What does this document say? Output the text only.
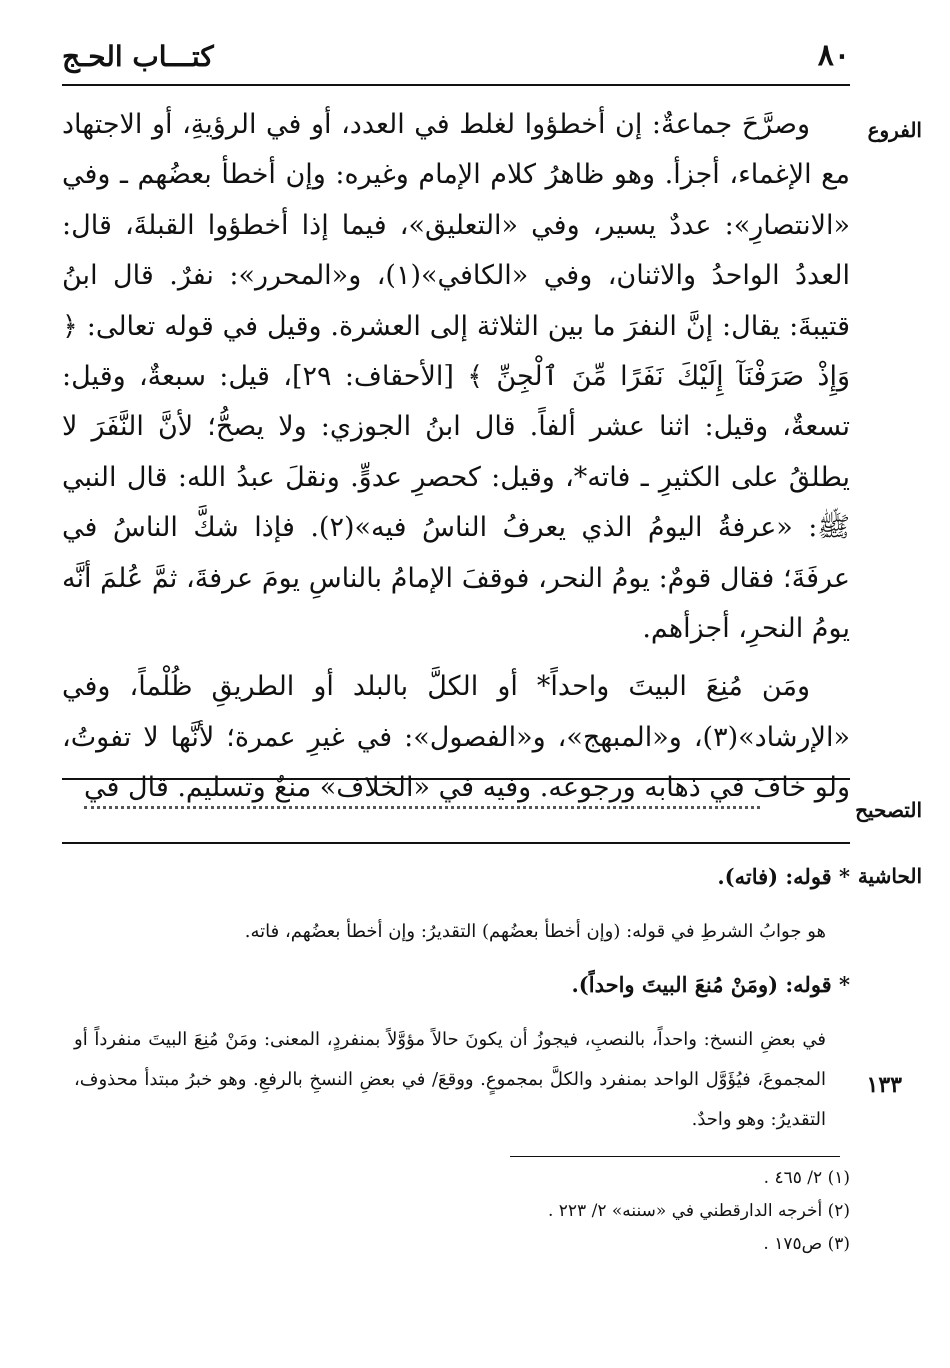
٨٠
كتـــاب الحـج
الفروع

وصرَّحَ جماعةٌ: إن أخطؤوا لغلط في العدد، أو في الرؤيةِ، أو الاجتهاد مع الإغماء، أجزأ. وهو ظاهرُ كلام الإمام وغيره: وإن أخطأ بعضُهم ـ وفي «الانتصارِ»: عددٌ يسير، وفي «التعليق»، فيما إذا أخطؤوا القبلةَ، قال: العددُ الواحدُ والاثنان، وفي «الكافي»(١)، و«المحرر»: نفرٌ. قال ابنُ قتيبةَ: يقال: إنَّ النفرَ ما بين الثلاثة إلى العشرة. وقيل في قوله تعالى: ﴿ وَإِذْ صَرَفْنَآ إِلَيْكَ نَفَرًا مِّنَ ٱلْجِنِّ ﴾ [الأحقاف: ٢٩]، قيل: سبعةٌ، وقيل: تسعةٌ، وقيل: اثنا عشر ألفاً. قال ابنُ الجوزي: ولا يصحُّ؛ لأنَّ النَّفَرَ لا يطلقُ على الكثيرِ ـ فاته*، وقيل: كحصرِ عدوٍّ. ونقلَ عبدُ الله: قال النبي ﷺ: «عرفةُ اليومُ الذي يعرفُ الناسُ فيه»(٢). فإذا شكَّ الناسُ في عرفَةَ؛ فقال قومٌ: يومُ النحر، فوقفَ الإمامُ بالناسِ يومَ عرفةَ، ثمَّ عُلمَ أنَّه يومُ النحرِ، أجزأهم.

ومَن مُنِعَ البيتَ واحداً* أو الكلَّ بالبلد أو الطريقِ ظُلْماً، وفي «الإرشاد»(٣)، و«المبهج»، و«الفصول»: في غيرِ عمرة؛ لأنَّها لا تفوتُ، ولو خافَ في ذهابه ورجوعه. وفيه في «الخلاف» منعٌ وتسليم. قال في

التصحيح
الحاشية
* قوله: (فاته).
هو جوابُ الشرطِ في قوله: (وإن أخطأ بعضُهم) التقديرُ: وإن أخطأ بعضُهم، فاته.
* قوله: (ومَنْ مُنعَ البيتَ واحداً).
في بعضِ النسخ: واحداً، بالنصبِ، فيجوزُ أن يكونَ حالاً مؤوَّلاً بمنفردٍ، المعنى: ومَنْ مُنِعَ البيتَ منفرداً أو المجموعَ، فيُؤَوَّل الواحد بمنفرد والكلَّ بمجموعٍ. ووقعَ/ في بعضِ النسخِ بالرفعِ. وهو خبرُ مبتدأ محذوف، التقديرُ: وهو واحدٌ.
١٣٣
(١) ٢/ ٤٦٥ .
(٢) أخرجه الدارقطني في «سننه» ٢/ ٢٢٣ .
(٣) ص١٧٥ .
